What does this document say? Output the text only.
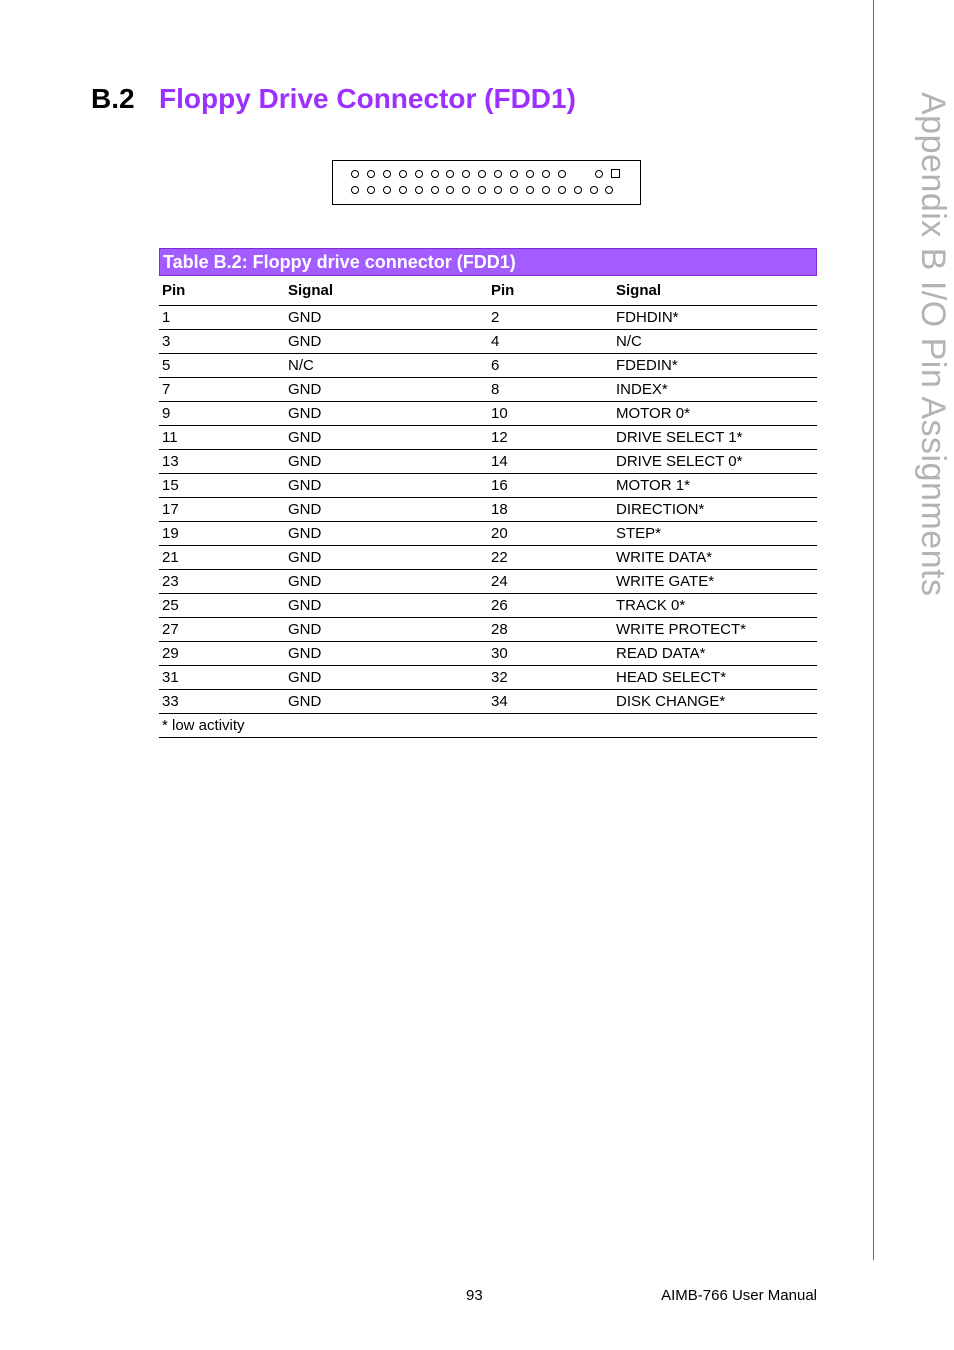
Appendix B I/O Pin Assignments
B.2 Floppy Drive Connector (FDD1)
Table B.2: Floppy drive connector (FDD1)
Pin	Signal	Pin	Signal
1	GND	2	FDHDIN*
3	GND	4	N/C
5	N/C	6	FDEDIN*
7	GND	8	INDEX*
9	GND	10	MOTOR 0*
11	GND	12	DRIVE SELECT 1*
13	GND	14	DRIVE SELECT 0*
15	GND	16	MOTOR 1*
17	GND	18	DIRECTION*
19	GND	20	STEP*
21	GND	22	WRITE DATA*
23	GND	24	WRITE GATE*
25	GND	26	TRACK 0*
27	GND	28	WRITE PROTECT*
29	GND	30	READ DATA*
31	GND	32	HEAD SELECT*
33	GND	34	DISK CHANGE*
* low activity			
93	AIMB-766 User Manual
